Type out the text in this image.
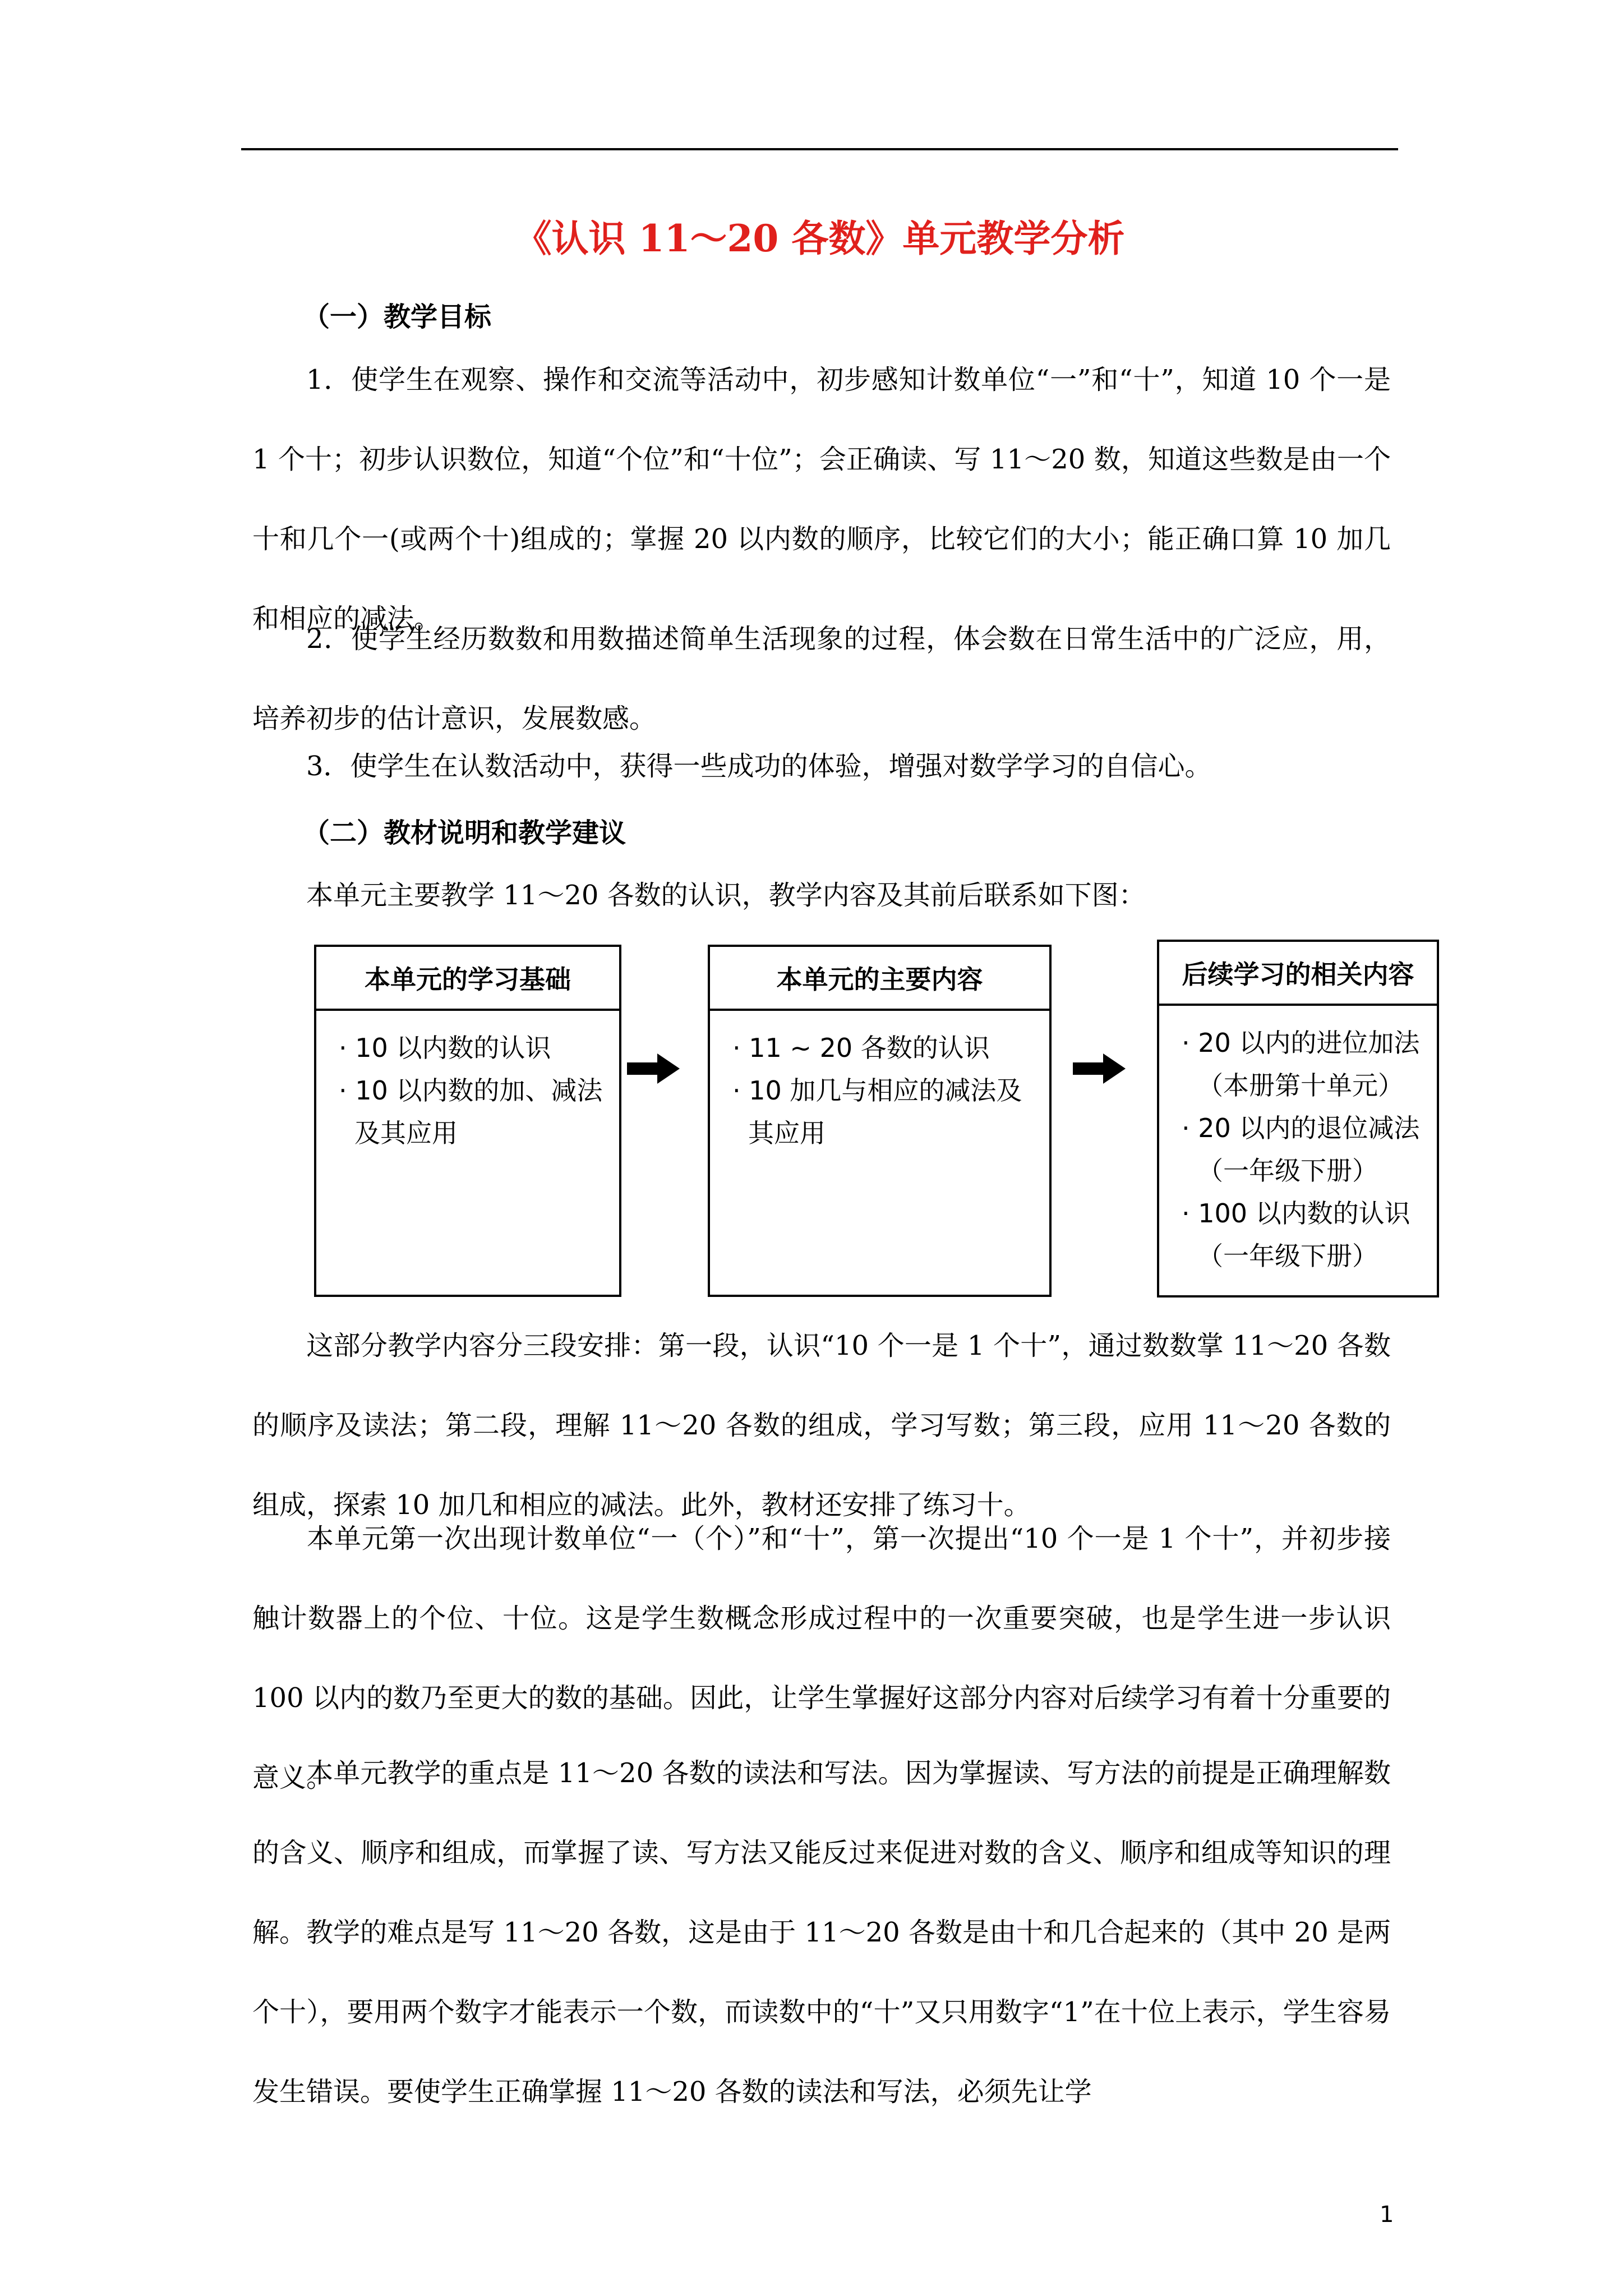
《认识 11～20 各数》单元教学分析
（一）教学目标

1．使学生在观察、操作和交流等活动中，初步感知计数单位“一”和“十”，知道 10 个一是 1 个十；初步认识数位，知道“个位”和“十位”；会正确读、写 11～20 数，知道这些数是由一个十和几个一(或两个十)组成的；掌握 20 以内数的顺序，比较它们的大小；能正确口算 10 加几和相应的减法。

2．使学生经历数数和用数描述简单生活现象的过程，体会数在日常生活中的广泛应，用，培养初步的估计意识，发展数感。

3．使学生在认数活动中，获得一些成功的体验，增强对数学学习的自信心。

（二）教材说明和教学建议

本单元主要教学 11～20 各数的认识，教学内容及其前后联系如下图：

本单元的学习基础
· 10 以内数的认识
· 10 以内数的加、减法及其应用
本单元的主要内容
· 11 ~ 20 各数的认识
· 10 加几与相应的减法及其应用
后续学习的相关内容
· 20 以内的进位加法（本册第十单元）
· 20 以内的退位减法（一年级下册）
· 100 以内数的认识（一年级下册）

这部分教学内容分三段安排：第一段，认识“10 个一是 1 个十”，通过数数掌 11～20 各数的顺序及读法；第二段，理解 11～20 各数的组成，学习写数；第三段，应用 11～20 各数的组成，探索 10 加几和相应的减法。此外，教材还安排了练习十。

本单元第一次出现计数单位“一（个）”和“十”，第一次提出“10 个一是 1 个十”，并初步接触计数器上的个位、十位。这是学生数概念形成过程中的一次重要突破，也是学生进一步认识 100 以内的数乃至更大的数的基础。因此，让学生掌握好这部分内容对后续学习有着十分重要的意义。

本单元教学的重点是 11～20 各数的读法和写法。因为掌握读、写方法的前提是正确理解数的含义、顺序和组成，而掌握了读、写方法又能反过来促进对数的含义、顺序和组成等知识的理解。教学的难点是写 11～20 各数，这是由于 11～20 各数是由十和几合起来的（其中 20 是两个十），要用两个数字才能表示一个数，而读数中的“十”又只用数字“1”在十位上表示，学生容易发生错误。要使学生正确掌握 11～20 各数的读法和写法，必须先让学

1
